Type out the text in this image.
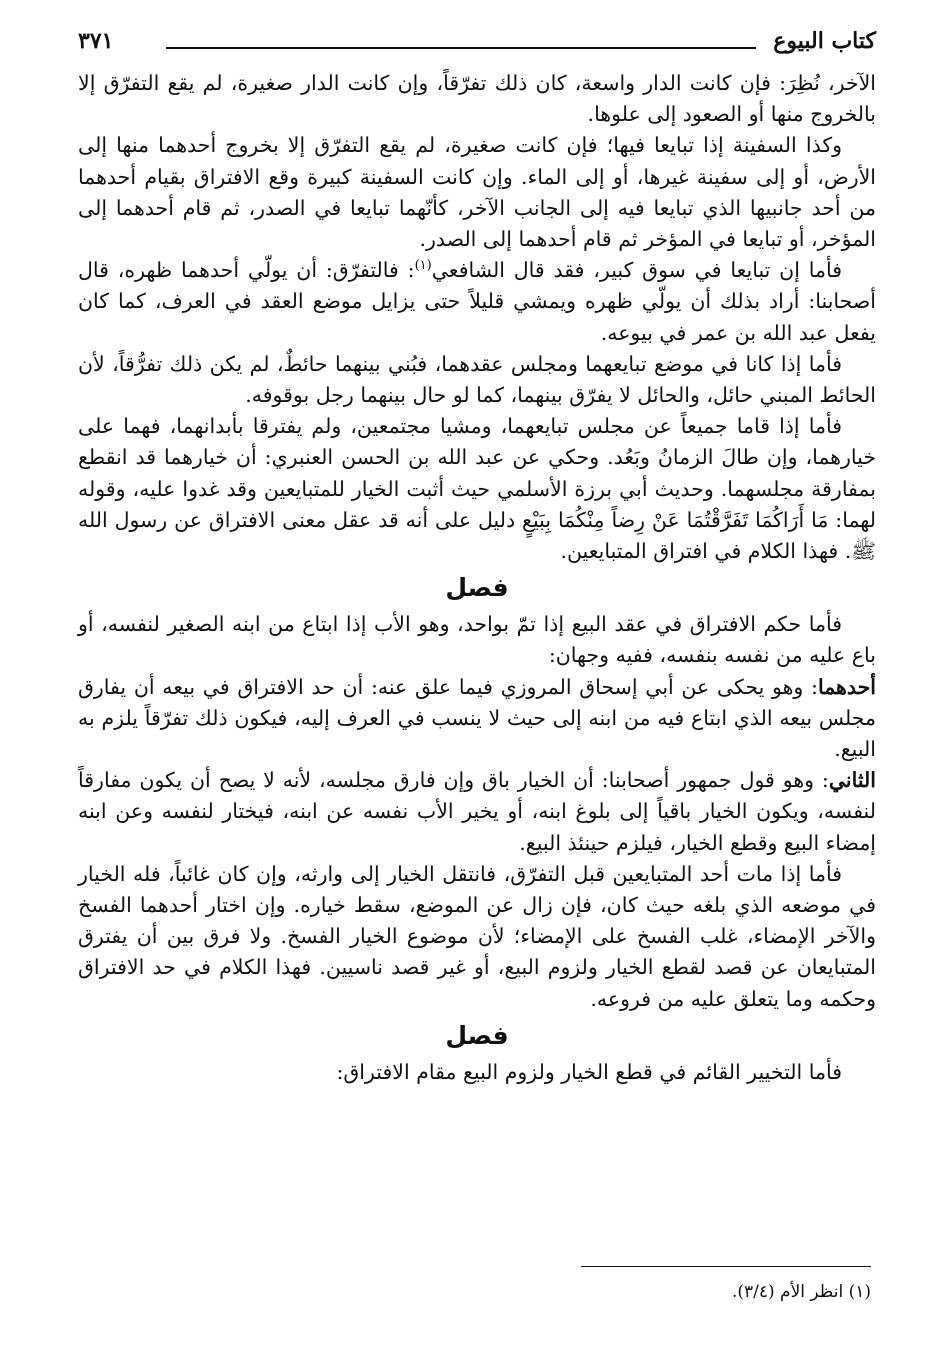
كتاب البيوع
٣٧١

الآخر، نُظِرَ: فإن كانت الدار واسعة، كان ذلك تفرّقاً، وإن كانت الدار صغيرة، لم يقع التفرّق إلا بالخروج منها أو الصعود إلى علوها.

وكذا السفينة إذا تبايعا فيها؛ فإن كانت صغيرة، لم يقع التفرّق إلا بخروج أحدهما منها إلى الأرض، أو إلى سفينة غيرها، أو إلى الماء. وإن كانت السفينة كبيرة وقع الافتراق بقيام أحدهما من أحد جانبيها الذي تبايعا فيه إلى الجانب الآخر، كأنّهما تبايعا في الصدر، ثم قام أحدهما إلى المؤخر، أو تبايعا في المؤخر ثم قام أحدهما إلى الصدر.

فأما إن تبايعا في سوق كبير، فقد قال الشافعي$^{(١)}$: فالتفرّق: أن يولّي أحدهما ظهره، قال أصحابنا: أراد بذلك أن يولّي ظهره ويمشي قليلاً حتى يزايل موضع العقد في العرف، كما كان يفعل عبد الله بن عمر في بيوعه.

فأما إذا كانا في موضع تبايعهما ومجلس عقدهما، فبُني بينهما حائطٌ، لم يكن ذلك تفرُّقاً، لأن الحائط المبني حائل، والحائل لا يفرّق بينهما، كما لو حال بينهما رجل بوقوفه.

فأما إذا قاما جميعاً عن مجلس تبايعهما، ومشيا مجتمعين، ولم يفترقا بأبدانهما، فهما على خيارهما، وإن طالَ الزمانُ وبَعُد. وحكي عن عبد الله بن الحسن العنبري: أن خيارهما قد انقطع بمفارقة مجلسهما. وحديث أبي برزة الأسلمي حيث أثبت الخيار للمتبايعين وقد غدوا عليه، وقوله لهما: مَا أَرَاكُمَا تَفَرَّقْتُمَا عَنْ رِضاً مِنْكُمَا بِبَيْعٍ دليل على أنه قد عقل معنى الافتراق عن رسول الله ﷺ. فهذا الكلام في افتراق المتبايعين.

فصل

فأما حكم الافتراق في عقد البيع إذا تمّ بواحد، وهو الأب إذا ابتاع من ابنه الصغير لنفسه، أو باع عليه من نفسه بنفسه، ففيه وجهان:

أحدهما: وهو يحكى عن أبي إسحاق المروزي فيما علق عنه: أن حد الافتراق في بيعه أن يفارق مجلس بيعه الذي ابتاع فيه من ابنه إلى حيث لا ينسب في العرف إليه، فيكون ذلك تفرّقاً يلزم به البيع.

الثاني: وهو قول جمهور أصحابنا: أن الخيار باق وإن فارق مجلسه، لأنه لا يصح أن يكون مفارقاً لنفسه، ويكون الخيار باقياً إلى بلوغ ابنه، أو يخير الأب نفسه عن ابنه، فيختار لنفسه وعن ابنه إمضاء البيع وقطع الخيار، فيلزم حينئذ البيع.

فأما إذا مات أحد المتبايعين قبل التفرّق، فانتقل الخيار إلى وارثه، وإن كان غائباً، فله الخيار في موضعه الذي بلغه حيث كان، فإن زال عن الموضع، سقط خياره. وإن اختار أحدهما الفسخ والآخر الإمضاء، غلب الفسخ على الإمضاء؛ لأن موضوع الخيار الفسخ. ولا فرق بين أن يفترق المتبايعان عن قصد لقطع الخيار ولزوم البيع، أو غير قصد ناسيين. فهذا الكلام في حد الافتراق وحكمه وما يتعلق عليه من فروعه.

فصل

فأما التخيير القائم في قطع الخيار ولزوم البيع مقام الافتراق:

(١) انظر الأم (٣/٤).
